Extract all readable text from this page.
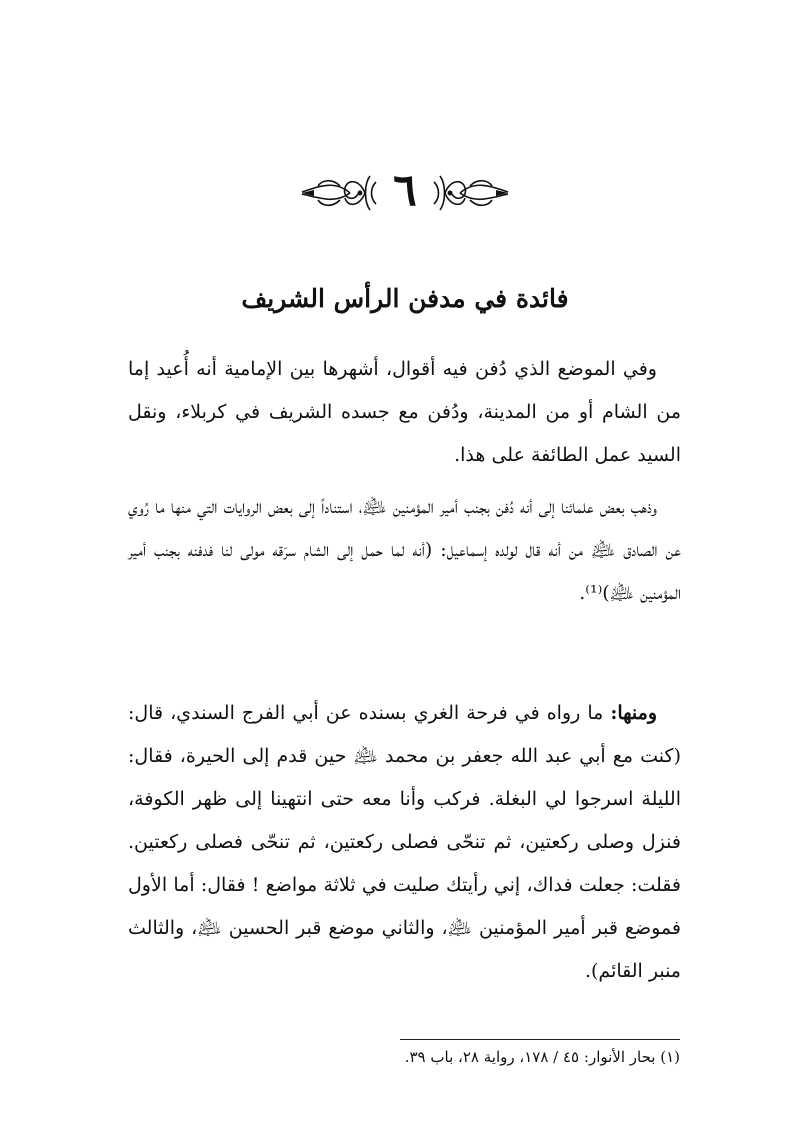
٦
فائدة في مدفن الرأس الشريف
وفي الموضع الذي دُفن فيه أقوال، أشهرها بين الإمامية أنه أُعيد إما من الشام أو من المدينة، ودُفن مع جسده الشريف في كربلاء، ونقل السيد عمل الطائفة على هذا.
وذهب بعض علمائنا إلى أنه دُفن بجنب أمير المؤمنين ﵇، استناداً إلى بعض الروايات التي منها ما رُوي عن الصادق ﵇ من أنه قال لولده إسماعيل: (أنه لما حمل إلى الشام سرَقه مولى لنا فدفنه بجنب أمير المؤمنين ﵇)⁽¹⁾.
ومنها: ما رواه في فرحة الغري بسنده عن أبي الفرج السندي، قال: (كنت مع أبي عبد الله جعفر بن محمد ﵇ حين قدم إلى الحيرة، فقال: الليلة اسرجوا لي البغلة. فركب وأنا معه حتى انتهينا إلى ظهر الكوفة، فنزل وصلى ركعتين، ثم تنحّى فصلى ركعتين، ثم تنحّى فصلى ركعتين. فقلت: جعلت فداك، إني رأيتك صليت في ثلاثة مواضع ! فقال: أما الأول فموضع قبر أمير المؤمنين ﵇، والثاني موضع قبر الحسين ﵇، والثالث منبر القائم).
(١) بحار الأنوار: ٤٥ / ١٧٨، رواية ٢٨، باب ٣٩.
